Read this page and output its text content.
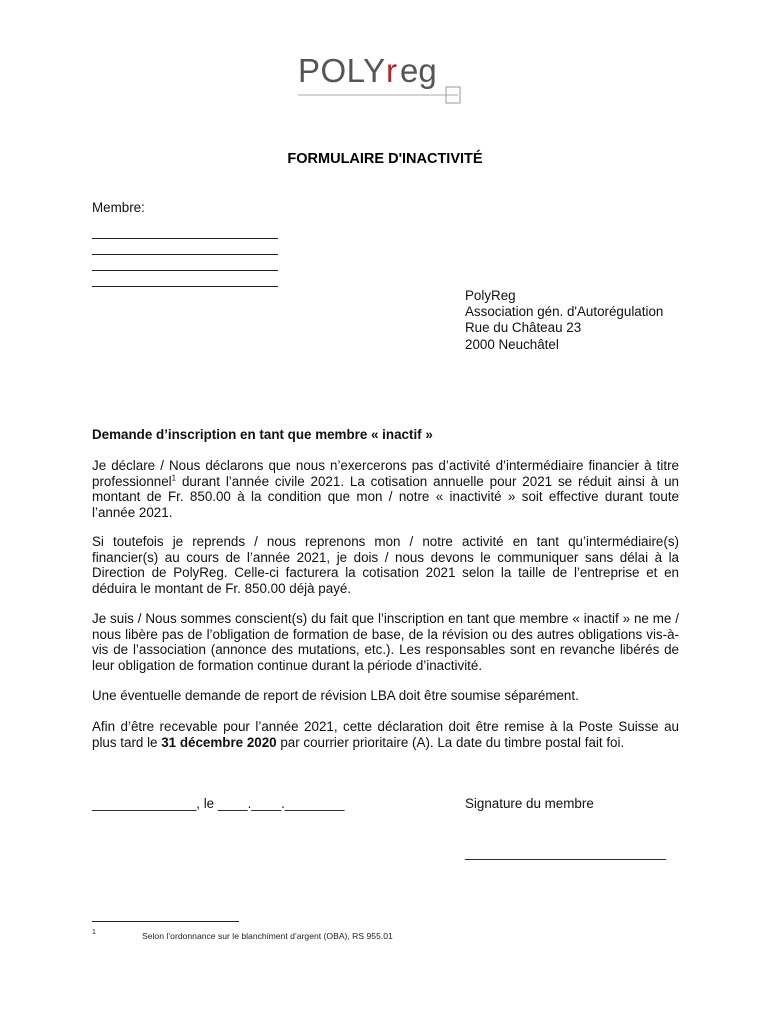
POLY r eg
FORMULAIRE D'INACTIVITÉ
Membre:
PolyReg
Association gén. d'Autorégulation
Rue du Château 23
2000 Neuchâtel
Demande d’inscription en tant que membre « inactif »
Je déclare / Nous déclarons que nous n’exercerons pas d’activité d’intermédiaire financier à titre professionnel$^1$ durant l’année civile 2021. La cotisation annuelle pour 2021 se réduit ainsi à un montant de Fr. 850.00 à la condition que mon / notre « inactivité » soit effective durant toute l’année 2021.
Si toutefois je reprends / nous reprenons mon / notre activité en tant qu’intermédiaire(s) financier(s) au cours de l’année 2021, je dois / nous devons le communiquer sans délai à la Direction de PolyReg. Celle-ci facturera la cotisation 2021 selon la taille de l’entreprise et en déduira le montant de Fr. 850.00 déjà payé.
Je suis / Nous sommes conscient(s) du fait que l’inscription en tant que membre « inactif » ne me / nous libère pas de l’obligation de formation de base, de la révision ou des autres obligations vis-à-vis de l’association (annonce des mutations, etc.). Les responsables sont en revanche libérés de leur obligation de formation continue durant la période d’inactivité.
Une éventuelle demande de report de révision LBA doit être soumise séparément.
Afin d’être recevable pour l’année 2021, cette déclaration doit être remise à la Poste Suisse au plus tard le 31 décembre 2020 par courrier prioritaire (A). La date du timbre postal fait foi.
______________, le ____.____.________	Signature du membre
___________________________
1	Selon l’ordonnance sur le blanchiment d’argent (OBA), RS 955.01
